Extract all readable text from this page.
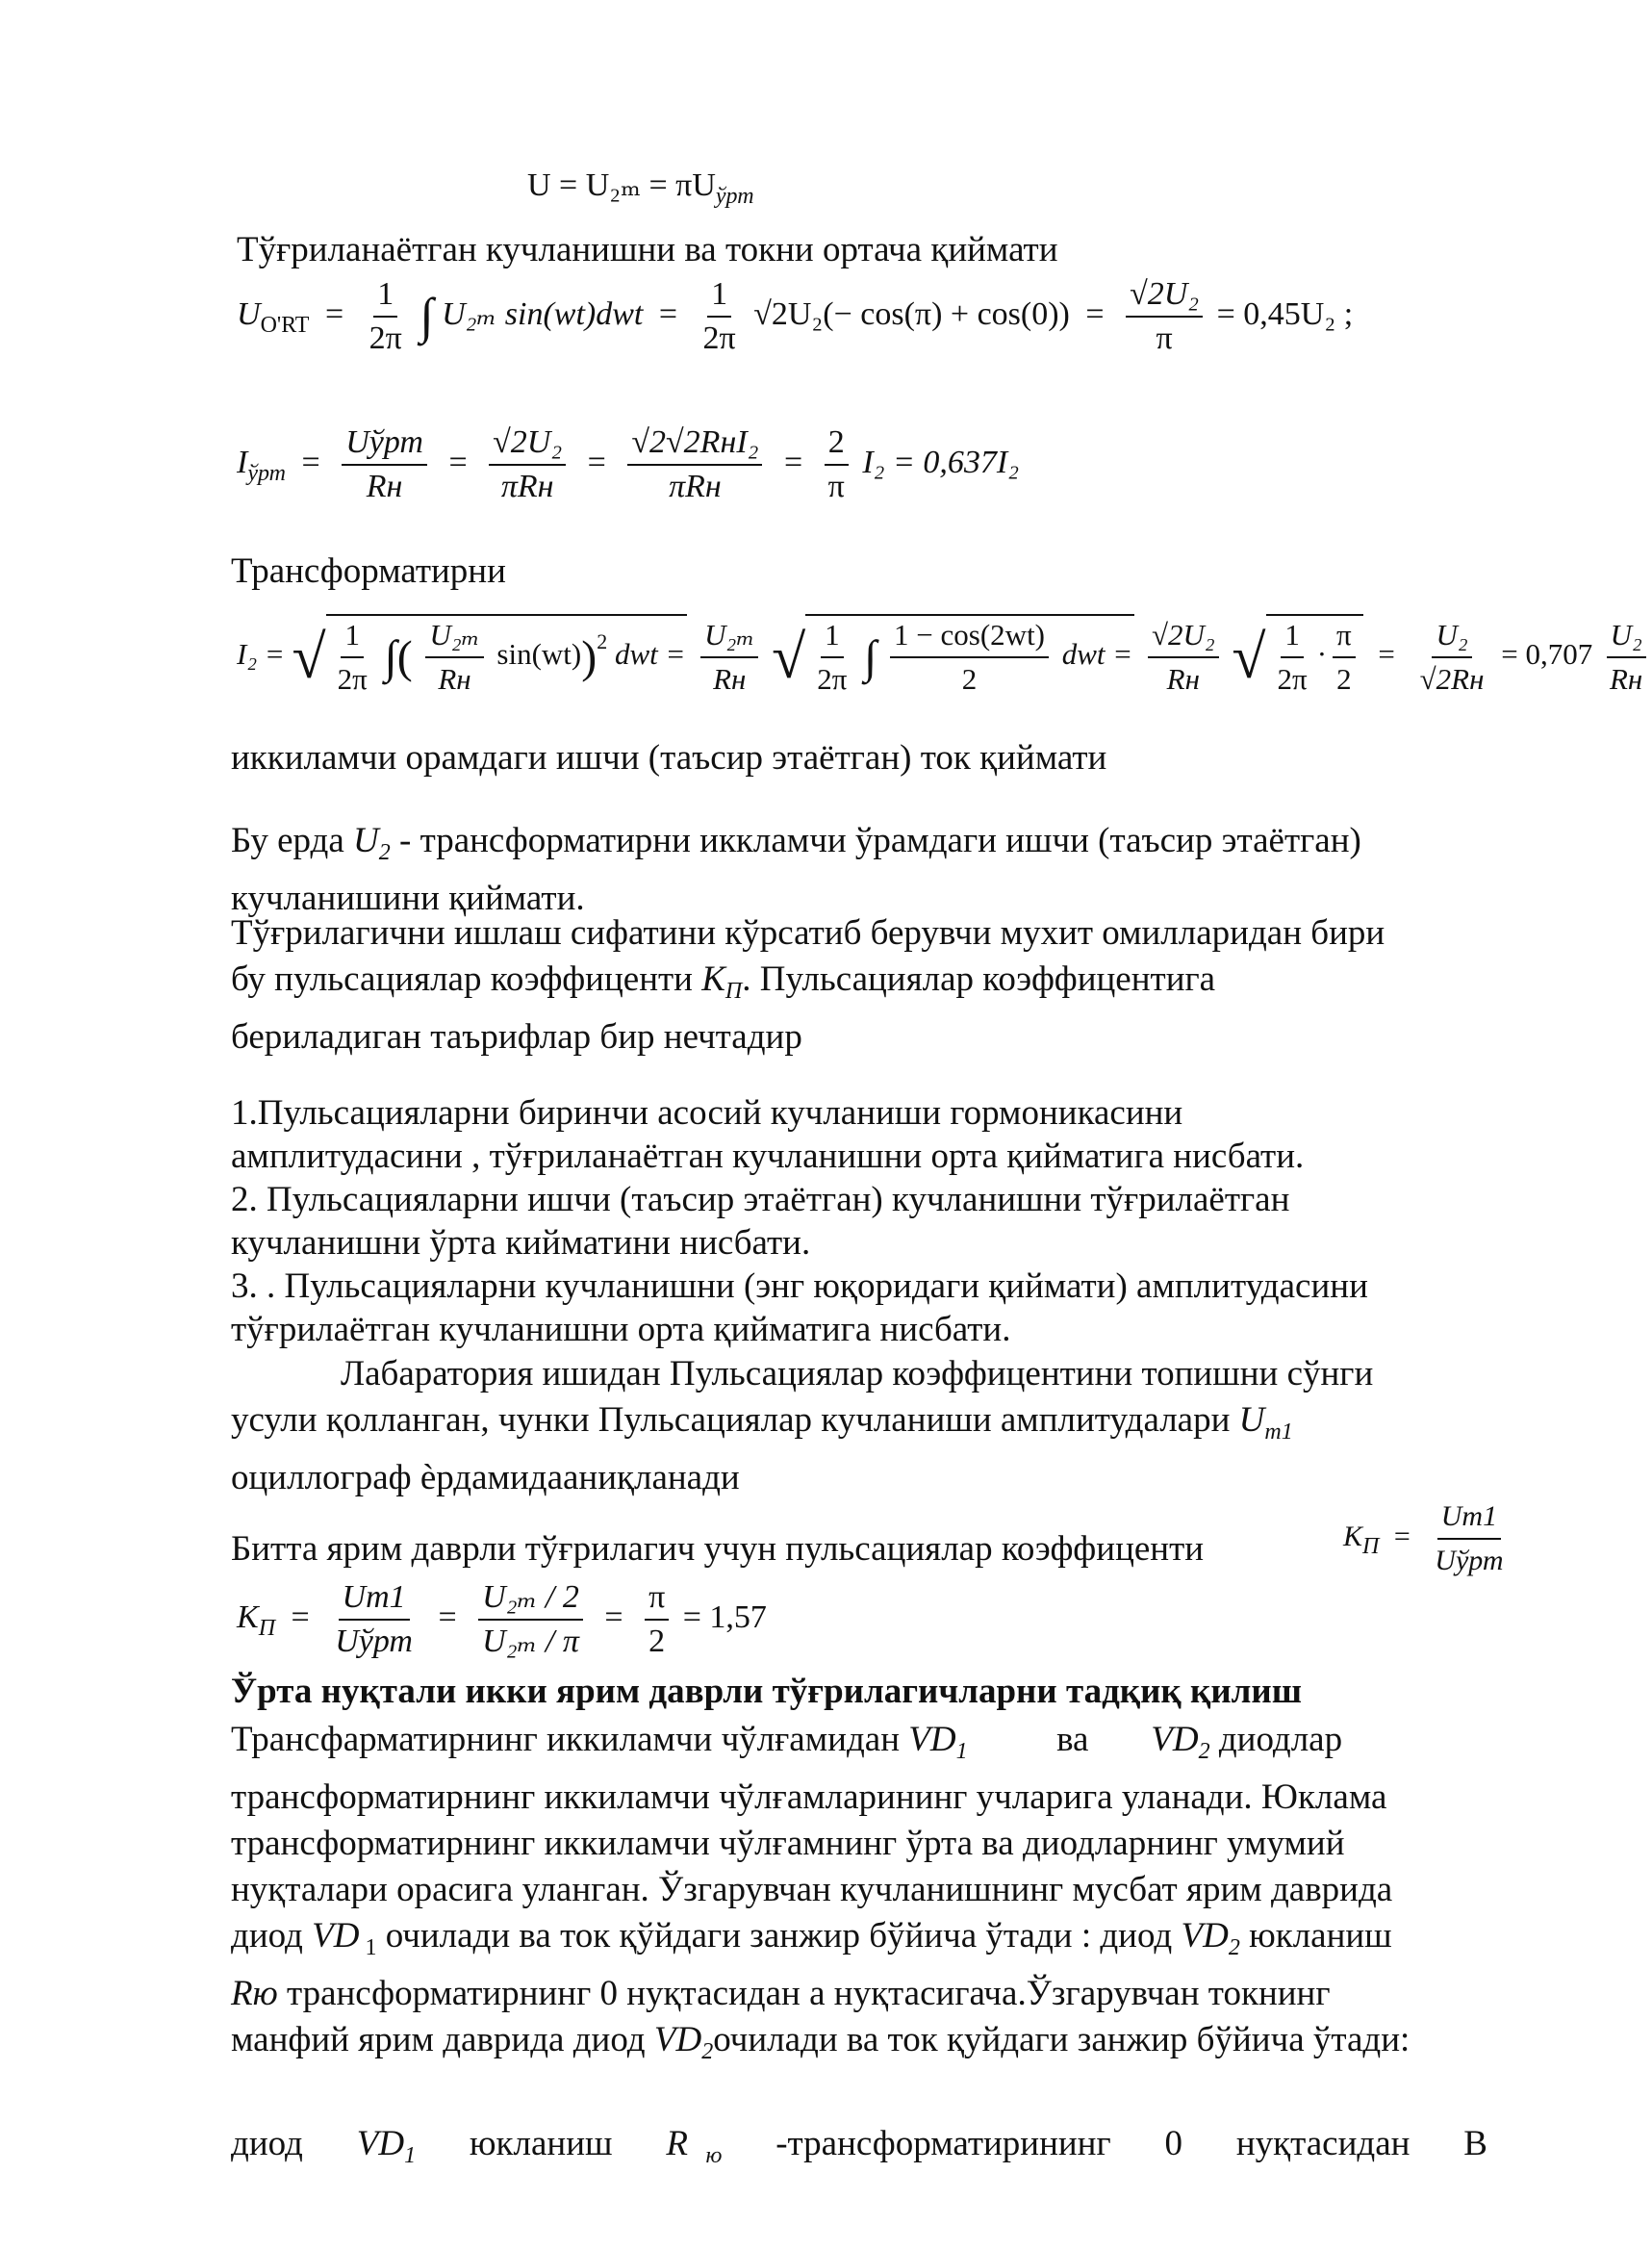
$U = U_{2m} = \pi U_{ўрт}$
Тўғриланаётган кучланишни ва токни ортача қиймати
$U_{O'RT} = \frac{1}{2\pi}$ ∫ U₂ₘ $\sin(wt)dwt = \frac{1}{2\pi} √2U_2(- \cos(\pi) + \cos(0)) = \frac{\text{√2U₂}}{\pi} = 0,45U_2$ ;
$I_{ўрт} = \frac{\text{Uўрт}}{Rн} = \frac{\text{√2U₂}}{\text{πRн}} = \frac{\text{√2√2RнI₂}}{\text{πRн}} = \frac{2}{\pi} I_2 = 0,637I_2$
Трансформатирни
I₂ = √ $\frac{1}{2\pi}$ ∫( $\frac{\text{U₂ₘ}}{Rн} \sin(wt))^2$ dwt = $\frac{\text{U₂ₘ}}{Rн}$ √ $\frac{1}{2\pi}$ ∫ $\frac{1 - \cos(2wt)}{2}$ dwt = $\frac{\text{√2U₂}}{Rн}$ √ $\frac{1}{2\pi} \cdot \frac{\pi}{2} = \frac{\text{U₂}}{√2Rн} = 0,707 \frac{\text{U₂}}{Rн}$
иккиламчи орамдаги ишчи (таъсир этаётган) ток қиймати
Бу ерда $U_2$ - трансформатирни иккламчи ўрамдаги ишчи (таъсир этаётган)
кучланишини қиймати.
Тўғрилагични ишлаш сифатини кўрсатиб берувчи мухит омилларидан бири
бу пульсациялар коэффиценти $K_П$. Пульсациялар коэффицентига
бериладиган таърифлар бир нечтадир
1.Пульсацияларни биринчи асосий кучланиши гормоникасини
амплитудасини , тўғриланаётган кучланишни орта қийматига нисбати.
2. Пульсацияларни ишчи (таъсир этаётган) кучланишни тўғрилаётган
кучланишни ўрта кийматини нисбати.
3. . Пульсацияларни кучланишни (энг юқоридаги қиймати) амплитудасини
тўғрилаётган кучланишни орта қийматига нисбати.
Лабаратория ишидан Пульсациялар коэффицентини топишни сўнги
усули қолланган, чунки Пульсациялар кучланиши амплитудалари $U_{m1}$
оциллограф ѐрдамидааниқланади
Битта ярим даврли тўғрилагич учун пульсациялар коэффиценти	$K_П = \frac{Um1}{\text{Uўрт}}$
$K_П = \frac{Um1}{\text{Uўрт}} = \frac{\text{U₂ₘ / 2}}{\text{U₂ₘ / π}} = \frac{\pi}{2} = 1,57$
Ўрта нуқтали икки ярим даврли тўғрилагичларни тадқиқ қилиш
Трансфарматирнинг иккиламчи чўлғамидан $VD_1$          ва       $VD_2$ диодлар
трансформатирнинг иккиламчи чўлғамларининг учларига уланади. Юклама
трансформатирнинг иккиламчи чўлғамнинг ўрта ва диодларнинг умумий
нуқталари орасига уланган. Ўзгарувчан кучланишнинг мусбат ярим даврида
диод VD $_1$ очилади ва ток қўйдаги занжир бўйича ўтади : диод $VD_2$ юкланиш
Rю трансформатирнинг 0 нуқтасидан а нуқтасигача.Ўзгарувчан токнинг
манфий ярим даврида диод $VD_2очилади$ ва ток қуйдаги занжир бўйича ўтади:
диод $VD_1$ юкланиш R $_ю$ -трансформатирининг 0 нуқтасидан В
